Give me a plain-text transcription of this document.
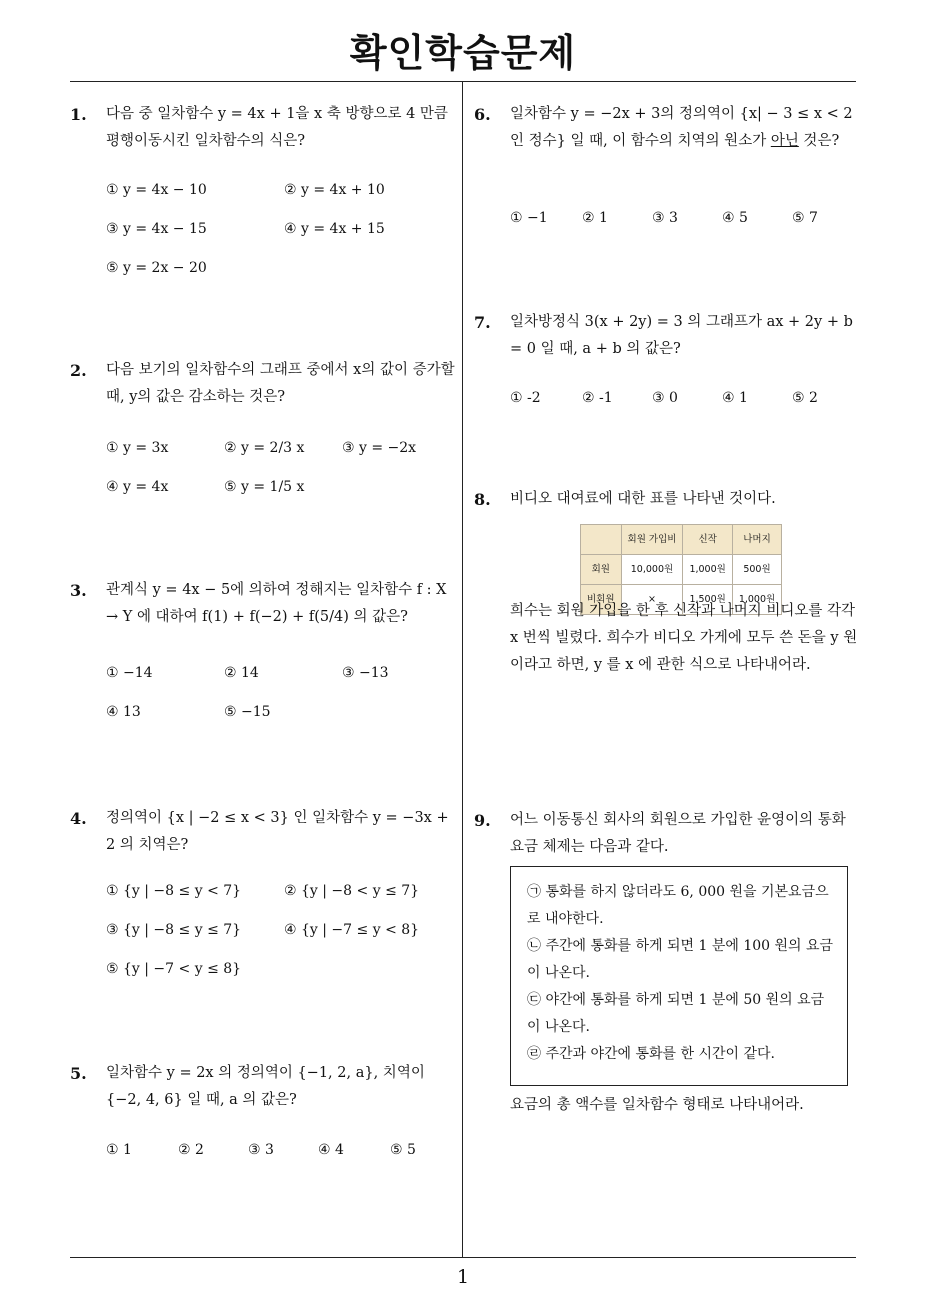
확인학습문제
1. 다음 중 일차함수 y = 4x + 1을 x 축 방향으로 4 만큼 평행이동시킨 일차함수의 식은?
① y = 4x − 10	② y = 4x + 10
③ y = 4x − 15	④ y = 4x + 15
⑤ y = 2x − 20
2. 다음 보기의 일차함수의 그래프 중에서 x의 값이 증가할 때, y의 값은 감소하는 것은?
① y = 3x	② y = 2/3 x	③ y = −2x
④ y = 4x	⑤ y = 1/5 x
3. 관계식 y = 4x − 5에 의하여 정해지는 일차함수 f : X → Y 에 대하여 f(1) + f(−2) + f(5/4) 의 값은?
① −14	② 14	③ −13
④ 13	⑤ −15
4. 정의역이 {x | −2 ≤ x < 3} 인 일차함수 y = −3x + 2 의 치역은?
① {y | −8 ≤ y < 7}	② {y | −8 < y ≤ 7}
③ {y | −8 ≤ y ≤ 7}	④ {y | −7 ≤ y < 8}
⑤ {y | −7 < y ≤ 8}
5. 일차함수 y = 2x 의 정의역이 {−1, 2, a}, 치역이 {−2, 4, 6} 일 때, a 의 값은?
① 1	② 2	③ 3	④ 4	⑤ 5
6. 일차함수 y = −2x + 3의 정의역이 {x| − 3 ≤ x < 2인 정수} 일 때, 이 함수의 치역의 원소가 아닌 것은?
① −1 ② 1	③ 3	④ 5	⑤ 7
7. 일차방정식 3(x + 2y) = 3 의 그래프가 ax + 2y + b = 0 일 때, a + b 의 값은?
① -2	② -1	③ 0	④ 1	⑤ 2
8. 비디오 대여료에 대한 표를 나타낸 것이다.
	회원 가입비	신작	나머지
회원	10,000원	1,000원	500원
비회원	×	1,500원	1,000원
희수는 회원 가입을 한 후 신작과 나머지 비디오를 각각 x 번씩 빌렸다. 희수가 비디오 가게에 모두 쓴 돈을 y 원이라고 하면, y 를 x 에 관한 식으로 나타내어라.
9. 어느 이동통신 회사의 회원으로 가입한 윤영이의 통화 요금 체제는 다음과 같다.
㉠ 통화를 하지 않더라도 6, 000 원을 기본요금으로 내야한다.
㉡ 주간에 통화를 하게 되면 1 분에 100 원의 요금이 나온다.
㉢ 야간에 통화를 하게 되면 1 분에 50 원의 요금이 나온다.
㉣ 주간과 야간에 통화를 한 시간이 같다.
요금의 총 액수를 일차함수 형태로 나타내어라.
1
